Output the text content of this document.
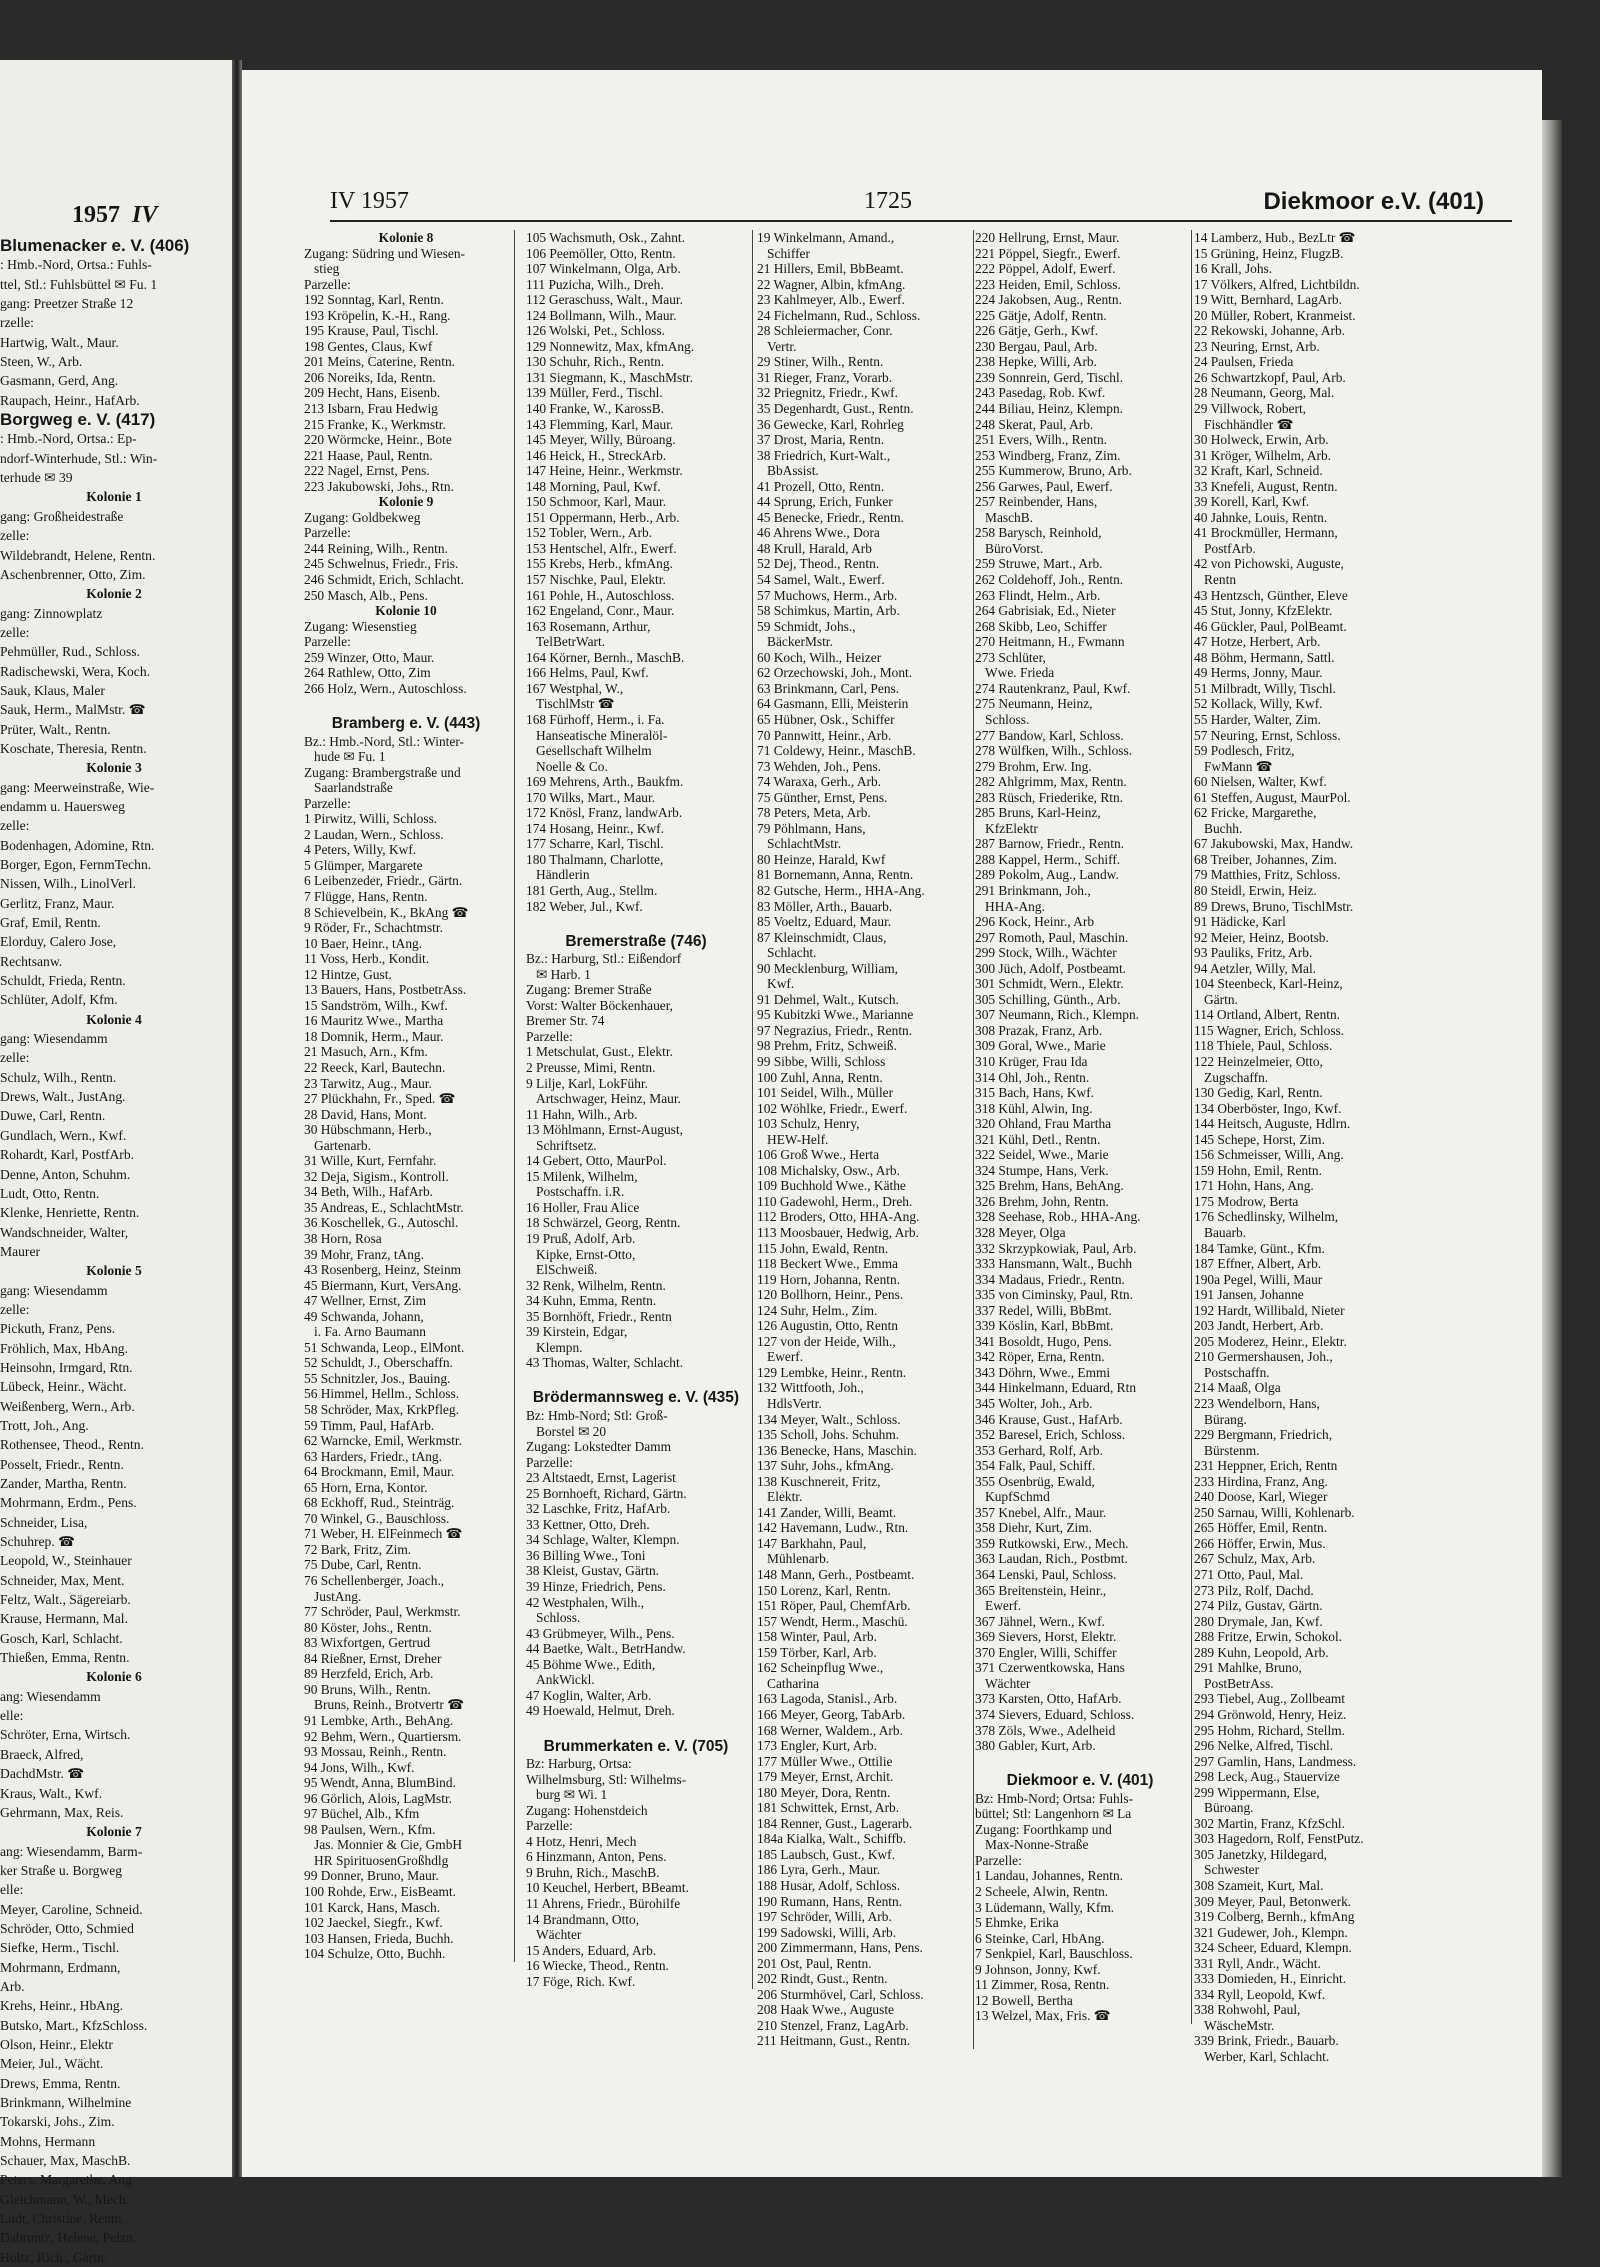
1957 IV
Blumenacker e. V. (406)
: Hmb.-Nord, Ortsa.: Fuhls-
ttel, Stl.: Fuhlsbüttel ✉ Fu. 1
gang: Preetzer Straße 12
rzelle:
Hartwig, Walt., Maur.
Steen, W., Arb.
Gasmann, Gerd, Ang.
Raupach, Heinr., HafArb.
Borgweg e. V. (417)
: Hmb.-Nord, Ortsa.: Ep-
ndorf-Winterhude, Stl.: Win-
terhude ✉ 39
Kolonie 1
gang: Großheidestraße
zelle:
Wildebrandt, Helene, Rentn.
Aschenbrenner, Otto, Zim.
Kolonie 2
gang: Zinnowplatz
zelle:
Pehmüller, Rud., Schloss.
Radischewski, Wera, Koch.
Sauk, Klaus, Maler
Sauk, Herm., MalMstr. ☎
Prüter, Walt., Rentn.
Koschate, Theresia, Rentn.
Kolonie 3
gang: Meerweinstraße, Wie-
endamm u. Hauersweg
zelle:
Bodenhagen, Adomine, Rtn.
Borger, Egon, FernmTechn.
Nissen, Wilh., LinolVerl.
Gerlitz, Franz, Maur.
Graf, Emil, Rentn.
Elorduy, Calero Jose,
Rechtsanw.
Schuldt, Frieda, Rentn.
Schlüter, Adolf, Kfm.
Kolonie 4
gang: Wiesendamm
zelle:
Schulz, Wilh., Rentn.
Drews, Walt., JustAng.
Duwe, Carl, Rentn.
Gundlach, Wern., Kwf.
Rohardt, Karl, PostfArb.
Denne, Anton, Schuhm.
Ludt, Otto, Rentn.
Klenke, Henriette, Rentn.
Wandschneider, Walter,
Maurer
Kolonie 5
gang: Wiesendamm
zelle:
Pickuth, Franz, Pens.
Fröhlich, Max, HbAng.
Heinsohn, Irmgard, Rtn.
Lübeck, Heinr., Wächt.
Weißenberg, Wern., Arb.
Trott, Joh., Ang.
Rothensee, Theod., Rentn.
Posselt, Friedr., Rentn.
Zander, Martha, Rentn.
Mohrmann, Erdm., Pens.
Schneider, Lisa,
Schuhrep. ☎
Leopold, W., Steinhauer
Schneider, Max, Ment.
Feltz, Walt., Sägereiarb.
Krause, Hermann, Mal.
Gosch, Karl, Schlacht.
Thießen, Emma, Rentn.
Kolonie 6
ang: Wiesendamm
elle:
Schröter, Erna, Wirtsch.
Braeck, Alfred,
DachdMstr. ☎
Kraus, Walt., Kwf.
Gehrmann, Max, Reis.
Kolonie 7
ang: Wiesendamm, Barm-
ker Straße u. Borgweg
elle:
Meyer, Caroline, Schneid.
Schröder, Otto, Schmied
Siefke, Herm., Tischl.
Mohrmann, Erdmann,
Arb.
Krehs, Heinr., HbAng.
Butsko, Mart., KfzSchloss.
Olson, Heinr., Elektr
Meier, Jul., Wächt.
Drews, Emma, Rentn.
Brinkmann, Wilhelmine
Tokarski, Johs., Zim.
Mohns, Hermann
Schauer, Max, MaschB.
Peters, Margarethe, Ang
Gleichmann, W., Mech.
Ludt, Christine, Rentn.
Dabruntz, Helene, Pelzn.
Holtz, Rich., Gärtn.
IV 1957	1725	Diekmoor e.V. (401)
Kolonie 8
Zugang: Südring und Wiesen-
stieg
Parzelle:
192 Sonntag, Karl, Rentn.
193 Kröpelin, K.-H., Rang.
195 Krause, Paul, Tischl.
198 Gentes, Claus, Kwf
201 Meins, Caterine, Rentn.
206 Noreiks, Ida, Rentn.
209 Hecht, Hans, Eisenb.
213 Isbarn, Frau Hedwig
215 Franke, K., Werkmstr.
220 Wörmcke, Heinr., Bote
221 Haase, Paul, Rentn.
222 Nagel, Ernst, Pens.
223 Jakubowski, Johs., Rtn.
Kolonie 9
Zugang: Goldbekweg
Parzelle:
244 Reining, Wilh., Rentn.
245 Schwelnus, Friedr., Fris.
246 Schmidt, Erich, Schlacht.
250 Masch, Alb., Pens.
Kolonie 10
Zugang: Wiesenstieg
Parzelle:
259 Winzer, Otto, Maur.
264 Rathlew, Otto, Zim
266 Holz, Wern., Autoschloss.
Bramberg e. V. (443)
Bz.: Hmb.-Nord, Stl.: Winter-
hude ✉ Fu. 1
Zugang: Brambergstraße und
Saarlandstraße
Parzelle:
1 Pirwitz, Willi, Schloss.
2 Laudan, Wern., Schloss.
4 Peters, Willy, Kwf.
5 Glümper, Margarete
6 Leibenzeder, Friedr., Gärtn.
7 Flügge, Hans, Rentn.
8 Schievelbein, K., BkAng ☎
9 Röder, Fr., Schachtmstr.
10 Baer, Heinr., tAng.
11 Voss, Herb., Kondit.
12 Hintze, Gust.
13 Bauers, Hans, PostbetrAss.
15 Sandström, Wilh., Kwf.
16 Mauritz Wwe., Martha
18 Domnik, Herm., Maur.
21 Masuch, Arn., Kfm.
22 Reeck, Karl, Bautechn.
23 Tarwitz, Aug., Maur.
27 Plückhahn, Fr., Sped. ☎
28 David, Hans, Mont.
30 Hübschmann, Herb.,
Gartenarb.
31 Wille, Kurt, Fernfahr.
32 Deja, Sigism., Kontroll.
34 Beth, Wilh., HafArb.
35 Andreas, E., SchlachtMstr.
36 Koschellek, G., Autoschl.
38 Horn, Rosa
39 Mohr, Franz, tAng.
43 Rosenberg, Heinz, Steinm
45 Biermann, Kurt, VersAng.
47 Wellner, Ernst, Zim
49 Schwanda, Johann,
i. Fa. Arno Baumann
51 Schwanda, Leop., ElMont.
52 Schuldt, J., Oberschaffn.
55 Schnitzler, Jos., Bauing.
56 Himmel, Hellm., Schloss.
58 Schröder, Max, KrkPfleg.
59 Timm, Paul, HafArb.
62 Warncke, Emil, Werkmstr.
63 Harders, Friedr., tAng.
64 Brockmann, Emil, Maur.
65 Horn, Erna, Kontor.
68 Eckhoff, Rud., Steinträg.
70 Winkel, G., Bauschloss.
71 Weber, H. ElFeinmech ☎
72 Bark, Fritz, Zim.
75 Dube, Carl, Rentn.
76 Schellenberger, Joach.,
JustAng.
77 Schröder, Paul, Werkmstr.
80 Köster, Johs., Rentn.
83 Wixfortgen, Gertrud
84 Rießner, Ernst, Dreher
89 Herzfeld, Erich, Arb.
90 Bruns, Wilh., Rentn.
Bruns, Reinh., Brotvertr ☎
91 Lembke, Arth., BehAng.
92 Behm, Wern., Quartiersm.
93 Mossau, Reinh., Rentn.
94 Jons, Wilh., Kwf.
95 Wendt, Anna, BlumBind.
96 Görlich, Alois, LagMstr.
97 Büchel, Alb., Kfm
98 Paulsen, Wern., Kfm.
Jas. Monnier & Cie, GmbH
HR SpirituosenGroßhdlg
99 Donner, Bruno, Maur.
100 Rohde, Erw., EisBeamt.
101 Karck, Hans, Masch.
102 Jaeckel, Siegfr., Kwf.
103 Hansen, Frieda, Buchh.
104 Schulze, Otto, Buchh.
105 Wachsmuth, Osk., Zahnt.
106 Peemöller, Otto, Rentn.
107 Winkelmann, Olga, Arb.
111 Puzicha, Wilh., Dreh.
112 Geraschuss, Walt., Maur.
124 Bollmann, Wilh., Maur.
126 Wolski, Pet., Schloss.
129 Nonnewitz, Max, kfmAng.
130 Schuhr, Rich., Rentn.
131 Siegmann, K., MaschMstr.
139 Müller, Ferd., Tischl.
140 Franke, W., KarossB.
143 Flemming, Karl, Maur.
145 Meyer, Willy, Büroang.
146 Heick, H., StreckArb.
147 Heine, Heinr., Werkmstr.
148 Morning, Paul, Kwf.
150 Schmoor, Karl, Maur.
151 Oppermann, Herb., Arb.
152 Tobler, Wern., Arb.
153 Hentschel, Alfr., Ewerf.
155 Krebs, Herb., kfmAng.
157 Nischke, Paul, Elektr.
161 Pohle, H., Autoschloss.
162 Engeland, Conr., Maur.
163 Rosemann, Arthur,
TelBetrWart.
164 Körner, Bernh., MaschB.
166 Helms, Paul, Kwf.
167 Westphal, W.,
TischlMstr ☎
168 Fürhoff, Herm., i. Fa.
Hanseatische Mineralöl-
Gesellschaft Wilhelm
Noelle & Co.
169 Mehrens, Arth., Baukfm.
170 Wilks, Mart., Maur.
172 Knösl, Franz, landwArb.
174 Hosang, Heinr., Kwf.
177 Scharre, Karl, Tischl.
180 Thalmann, Charlotte,
Händlerin
181 Gerth, Aug., Stellm.
182 Weber, Jul., Kwf.
Bremerstraße (746)
Bz.: Harburg, Stl.: Eißendorf
✉ Harb. 1
Zugang: Bremer Straße
Vorst: Walter Böckenhauer,
Bremer Str. 74
Parzelle:
1 Metschulat, Gust., Elektr.
2 Preusse, Mimi, Rentn.
9 Lilje, Karl, LokFühr.
Artschwager, Heinz, Maur.
11 Hahn, Wilh., Arb.
13 Möhlmann, Ernst-August,
Schriftsetz.
14 Gebert, Otto, MaurPol.
15 Milenk, Wilhelm,
Postschaffn. i.R.
16 Holler, Frau Alice
18 Schwärzel, Georg, Rentn.
19 Pruß, Adolf, Arb.
Kipke, Ernst-Otto,
ElSchweiß.
32 Renk, Wilhelm, Rentn.
34 Kuhn, Emma, Rentn.
35 Bornhöft, Friedr., Rentn
39 Kirstein, Edgar,
Klempn.
43 Thomas, Walter, Schlacht.
Brödermannsweg e. V. (435)
Bz: Hmb-Nord; Stl: Groß-
Borstel ✉ 20
Zugang: Lokstedter Damm
Parzelle:
23 Altstaedt, Ernst, Lagerist
25 Bornhoeft, Richard, Gärtn.
32 Laschke, Fritz, HafArb.
33 Kettner, Otto, Dreh.
34 Schlage, Walter, Klempn.
36 Billing Wwe., Toni
38 Kleist, Gustav, Gärtn.
39 Hinze, Friedrich, Pens.
42 Westphalen, Wilh.,
Schloss.
43 Grübmeyer, Wilh., Pens.
44 Baetke, Walt., BetrHandw.
45 Böhme Wwe., Edith,
AnkWickl.
47 Koglin, Walter, Arb.
49 Hoewald, Helmut, Dreh.
Brummerkaten e. V. (705)
Bz: Harburg, Ortsa:
Wilhelmsburg, Stl: Wilhelms-
burg ✉ Wi. 1
Zugang: Hohenstdeich
Parzelle:
4 Hotz, Henri, Mech
6 Hinzmann, Anton, Pens.
9 Bruhn, Rich., MaschB.
10 Keuchel, Herbert, BBeamt.
11 Ahrens, Friedr., Bürohilfe
14 Brandmann, Otto,
Wächter
15 Anders, Eduard, Arb.
16 Wiecke, Theod., Rentn.
17 Föge, Rich. Kwf.
19 Winkelmann, Amand.,
Schiffer
21 Hillers, Emil, BbBeamt.
22 Wagner, Albin, kfmAng.
23 Kahlmeyer, Alb., Ewerf.
24 Fichelmann, Rud., Schloss.
28 Schleiermacher, Conr.
Vertr.
29 Stiner, Wilh., Rentn.
31 Rieger, Franz, Vorarb.
32 Priegnitz, Friedr., Kwf.
35 Degenhardt, Gust., Rentn.
36 Gewecke, Karl, Rohrleg
37 Drost, Maria, Rentn.
38 Friedrich, Kurt-Walt.,
BbAssist.
41 Prozell, Otto, Rentn.
44 Sprung, Erich, Funker
45 Benecke, Friedr., Rentn.
46 Ahrens Wwe., Dora
48 Krull, Harald, Arb
52 Dej, Theod., Rentn.
54 Samel, Walt., Ewerf.
57 Muchows, Herm., Arb.
58 Schimkus, Martin, Arb.
59 Schmidt, Johs.,
BäckerMstr.
60 Koch, Wilh., Heizer
62 Orzechowski, Joh., Mont.
63 Brinkmann, Carl, Pens.
64 Gasmann, Elli, Meisterin
65 Hübner, Osk., Schiffer
70 Pannwitt, Heinr., Arb.
71 Coldewy, Heinr., MaschB.
73 Wehden, Joh., Pens.
74 Waraxa, Gerh., Arb.
75 Günther, Ernst, Pens.
78 Peters, Meta, Arb.
79 Pöhlmann, Hans,
SchlachtMstr.
80 Heinze, Harald, Kwf
81 Bornemann, Anna, Rentn.
82 Gutsche, Herm., HHA-Ang.
83 Möller, Arth., Bauarb.
85 Voeltz, Eduard, Maur.
87 Kleinschmidt, Claus,
Schlacht.
90 Mecklenburg, William,
Kwf.
91 Dehmel, Walt., Kutsch.
95 Kubitzki Wwe., Marianne
97 Negrazius, Friedr., Rentn.
98 Prehm, Fritz, Schweiß.
99 Sibbe, Willi, Schloss
100 Zuhl, Anna, Rentn.
101 Seidel, Wilh., Müller
102 Wöhlke, Friedr., Ewerf.
103 Schulz, Henry,
HEW-Helf.
106 Groß Wwe., Herta
108 Michalsky, Osw., Arb.
109 Buchhold Wwe., Käthe
110 Gadewohl, Herm., Dreh.
112 Broders, Otto, HHA-Ang.
113 Moosbauer, Hedwig, Arb.
115 John, Ewald, Rentn.
118 Beckert Wwe., Emma
119 Horn, Johanna, Rentn.
120 Bollhorn, Heinr., Pens.
124 Suhr, Helm., Zim.
126 Augustin, Otto, Rentn
127 von der Heide, Wilh.,
Ewerf.
129 Lembke, Heinr., Rentn.
132 Wittfooth, Joh.,
HdlsVertr.
134 Meyer, Walt., Schloss.
135 Scholl, Johs. Schuhm.
136 Benecke, Hans, Maschin.
137 Suhr, Johs., kfmAng.
138 Kuschnereit, Fritz,
Elektr.
141 Zander, Willi, Beamt.
142 Havemann, Ludw., Rtn.
147 Barkhahn, Paul,
Mühlenarb.
148 Mann, Gerh., Postbeamt.
150 Lorenz, Karl, Rentn.
151 Röper, Paul, ChemfArb.
157 Wendt, Herm., Maschü.
158 Winter, Paul, Arb.
159 Törber, Karl, Arb.
162 Scheinpflug Wwe.,
Catharina
163 Lagoda, Stanisl., Arb.
166 Meyer, Georg, TabArb.
168 Werner, Waldem., Arb.
173 Engler, Kurt, Arb.
177 Müller Wwe., Ottilie
179 Meyer, Ernst, Archit.
180 Meyer, Dora, Rentn.
181 Schwittek, Ernst, Arb.
184 Renner, Gust., Lagerarb.
184a Kialka, Walt., Schiffb.
185 Laubsch, Gust., Kwf.
186 Lyra, Gerh., Maur.
188 Husar, Adolf, Schloss.
190 Rumann, Hans, Rentn.
197 Schröder, Willi, Arb.
199 Sadowski, Willi, Arb.
200 Zimmermann, Hans, Pens.
201 Ost, Paul, Rentn.
202 Rindt, Gust., Rentn.
206 Sturmhövel, Carl, Schloss.
208 Haak Wwe., Auguste
210 Stenzel, Franz, LagArb.
211 Heitmann, Gust., Rentn.
220 Hellrung, Ernst, Maur.
221 Pöppel, Siegfr., Ewerf.
222 Pöppel, Adolf, Ewerf.
223 Heiden, Emil, Schloss.
224 Jakobsen, Aug., Rentn.
225 Gätje, Adolf, Rentn.
226 Gätje, Gerh., Kwf.
230 Bergau, Paul, Arb.
238 Hepke, Willi, Arb.
239 Sonnrein, Gerd, Tischl.
243 Pasedag, Rob. Kwf.
244 Biliau, Heinz, Klempn.
248 Skerat, Paul, Arb.
251 Evers, Wilh., Rentn.
253 Windberg, Franz, Zim.
255 Kummerow, Bruno, Arb.
256 Garwes, Paul, Ewerf.
257 Reinbender, Hans,
MaschB.
258 Barysch, Reinhold,
BüroVorst.
259 Struwe, Mart., Arb.
262 Coldehoff, Joh., Rentn.
263 Flindt, Helm., Arb.
264 Gabrisiak, Ed., Nieter
268 Skibb, Leo, Schiffer
270 Heitmann, H., Fwmann
273 Schlüter,
Wwe. Frieda
274 Rautenkranz, Paul, Kwf.
275 Neumann, Heinz,
Schloss.
277 Bandow, Karl, Schloss.
278 Wülfken, Wilh., Schloss.
279 Brohm, Erw. Ing.
282 Ahlgrimm, Max, Rentn.
283 Rüsch, Friederike, Rtn.
285 Bruns, Karl-Heinz,
KfzElektr
287 Barnow, Friedr., Rentn.
288 Kappel, Herm., Schiff.
289 Pokolm, Aug., Landw.
291 Brinkmann, Joh.,
HHA-Ang.
296 Kock, Heinr., Arb
297 Romoth, Paul, Maschin.
299 Stock, Wilh., Wächter
300 Jüch, Adolf, Postbeamt.
301 Schmidt, Wern., Elektr.
305 Schilling, Günth., Arb.
307 Neumann, Rich., Klempn.
308 Prazak, Franz, Arb.
309 Goral, Wwe., Marie
310 Krüger, Frau Ida
314 Ohl, Joh., Rentn.
315 Bach, Hans, Kwf.
318 Kühl, Alwin, Ing.
320 Ohland, Frau Martha
321 Kühl, Detl., Rentn.
322 Seidel, Wwe., Marie
324 Stumpe, Hans, Verk.
325 Brehm, Hans, BehAng.
326 Brehm, John, Rentn.
328 Seehase, Rob., HHA-Ang.
328 Meyer, Olga
332 Skrzypkowiak, Paul, Arb.
333 Hansmann, Walt., Buchh
334 Madaus, Friedr., Rentn.
335 von Ciminsky, Paul, Rtn.
337 Redel, Willi, BbBmt.
339 Köslin, Karl, BbBmt.
341 Bosoldt, Hugo, Pens.
342 Röper, Erna, Rentn.
343 Döhrn, Wwe., Emmi
344 Hinkelmann, Eduard, Rtn
345 Wolter, Joh., Arb.
346 Krause, Gust., HafArb.
352 Baresel, Erich, Schloss.
353 Gerhard, Rolf, Arb.
354 Falk, Paul, Schiff.
355 Osenbrüg, Ewald,
KupfSchmd
357 Knebel, Alfr., Maur.
358 Diehr, Kurt, Zim.
359 Rutkowski, Erw., Mech.
363 Laudan, Rich., Postbmt.
364 Lenski, Paul, Schloss.
365 Breitenstein, Heinr.,
Ewerf.
367 Jähnel, Wern., Kwf.
369 Sievers, Horst, Elektr.
370 Engler, Willi, Schiffer
371 Czerwentkowska, Hans
Wächter
373 Karsten, Otto, HafArb.
374 Sievers, Eduard, Schloss.
378 Zöls, Wwe., Adelheid
380 Gabler, Kurt, Arb.
Diekmoor e. V. (401)
Bz: Hmb-Nord; Ortsa: Fuhls-
büttel; Stl: Langenhorn ✉ La
Zugang: Foorthkamp und
Max-Nonne-Straße
Parzelle:
1 Landau, Johannes, Rentn.
2 Scheele, Alwin, Rentn.
3 Lüdemann, Wally, Kfm.
5 Ehmke, Erika
6 Steinke, Carl, HbAng.
7 Senkpiel, Karl, Bauschloss.
9 Johnson, Jonny, Kwf.
11 Zimmer, Rosa, Rentn.
12 Bowell, Bertha
13 Welzel, Max, Fris. ☎
14 Lamberz, Hub., BezLtr ☎
15 Grüning, Heinz, FlugzB.
16 Krall, Johs.
17 Völkers, Alfred, Lichtbildn.
19 Witt, Bernhard, LagArb.
20 Müller, Robert, Kranmeist.
22 Rekowski, Johanne, Arb.
23 Neuring, Ernst, Arb.
24 Paulsen, Frieda
26 Schwartzkopf, Paul, Arb.
28 Neumann, Georg, Mal.
29 Villwock, Robert,
Fischhändler ☎
30 Holweck, Erwin, Arb.
31 Kröger, Wilhelm, Arb.
32 Kraft, Karl, Schneid.
33 Knefeli, August, Rentn.
39 Korell, Karl, Kwf.
40 Jahnke, Louis, Rentn.
41 Brockmüller, Hermann,
PostfArb.
42 von Pichowski, Auguste,
Rentn
43 Hentzsch, Günther, Eleve
45 Stut, Jonny, KfzElektr.
46 Gückler, Paul, PolBeamt.
47 Hotze, Herbert, Arb.
48 Böhm, Hermann, Sattl.
49 Herms, Jonny, Maur.
51 Milbradt, Willy, Tischl.
52 Kollack, Willy, Kwf.
55 Harder, Walter, Zim.
57 Neuring, Ernst, Schloss.
59 Podlesch, Fritz,
FwMann ☎
60 Nielsen, Walter, Kwf.
61 Steffen, August, MaurPol.
62 Fricke, Margarethe,
Buchh.
67 Jakubowski, Max, Handw.
68 Treiber, Johannes, Zim.
79 Matthies, Fritz, Schloss.
80 Steidl, Erwin, Heiz.
89 Drews, Bruno, TischlMstr.
91 Hädicke, Karl
92 Meier, Heinz, Bootsb.
93 Pauliks, Fritz, Arb.
94 Aetzler, Willy, Mal.
104 Steenbeck, Karl-Heinz,
Gärtn.
114 Ortland, Albert, Rentn.
115 Wagner, Erich, Schloss.
118 Thiele, Paul, Schloss.
122 Heinzelmeier, Otto,
Zugschaffn.
130 Gedig, Karl, Rentn.
134 Oberböster, Ingo, Kwf.
144 Heitsch, Auguste, Hdlrn.
145 Schepe, Horst, Zim.
156 Schmeisser, Willi, Ang.
159 Hohn, Emil, Rentn.
171 Hohn, Hans, Ang.
175 Modrow, Berta
176 Schedlinsky, Wilhelm,
Bauarb.
184 Tamke, Günt., Kfm.
187 Effner, Albert, Arb.
190a Pegel, Willi, Maur
191 Jansen, Johanne
192 Hardt, Willibald, Nieter
203 Jandt, Herbert, Arb.
205 Moderez, Heinr., Elektr.
210 Germershausen, Joh.,
Postschaffn.
214 Maaß, Olga
223 Wendelborn, Hans,
Bürang.
229 Bergmann, Friedrich,
Bürstenm.
231 Heppner, Erich, Rentn
233 Hirdina, Franz, Ang.
240 Doose, Karl, Wieger
250 Sarnau, Willi, Kohlenarb.
265 Höffer, Emil, Rentn.
266 Höffer, Erwin, Mus.
267 Schulz, Max, Arb.
271 Otto, Paul, Mal.
273 Pilz, Rolf, Dachd.
274 Pilz, Gustav, Gärtn.
280 Drymale, Jan, Kwf.
288 Fritze, Erwin, Schokol.
289 Kuhn, Leopold, Arb.
291 Mahlke, Bruno,
PostBetrAss.
293 Tiebel, Aug., Zollbeamt
294 Grönwold, Henry, Heiz.
295 Hohm, Richard, Stellm.
296 Nelke, Alfred, Tischl.
297 Gamlin, Hans, Landmess.
298 Leck, Aug., Stauervize
299 Wippermann, Else,
Büroang.
302 Martin, Franz, KfzSchl.
303 Hagedorn, Rolf, FenstPutz.
305 Janetzky, Hildegard,
Schwester
308 Szameit, Kurt, Mal.
309 Meyer, Paul, Betonwerk.
319 Colberg, Bernh., kfmAng
321 Gudewer, Joh., Klempn.
324 Scheer, Eduard, Klempn.
331 Ryll, Andr., Wächt.
333 Domieden, H., Einricht.
334 Ryll, Leopold, Kwf.
338 Rohwohl, Paul,
WäscheMstr.
339 Brink, Friedr., Bauarb.
Werber, Karl, Schlacht.
